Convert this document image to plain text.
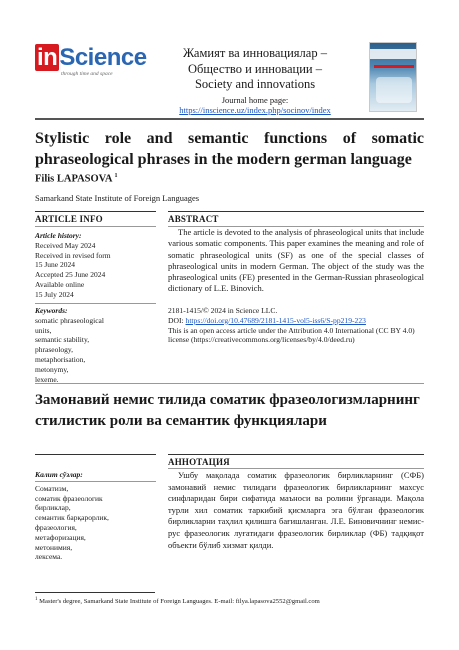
inScience
through time and space
Жамият ва инновациялар –
Общество и инновации –
Society and innovations
Journal home page:
https://inscience.uz/index.php/socinov/index
Stylistic role and semantic functions of somatic phraseological phrases in the modern german language
Filis LAPASOVA $^1$
Samarkand State Institute of Foreign Languages
ARTICLE INFO	ABSTRACT
Article history:
Received May 2024
Received in revised form
15 June 2024
Accepted 25 June 2024
Available online
15 July 2024
Keywords:
somatic phraseological
units,
semantic stability,
phraseology,
metaphorisation,
metonymy,
lexeme.
The article is devoted to the analysis of phraseological units that include various somatic components. This paper examines the meaning and role of somatic phraseological units (SF) as one of the special classes of phraseological units in modern German. The object of the study was the phraseological units (FE) presented in the German-Russian phraseological dictionary of L.E. Binovich.
2181-1415/© 2024 in Science LLC.
DOI: https://doi.org/10.47689/2181-1415-vol5-iss6/S-pp219-223
This is an open access article under the Attribution 4.0 International (CC BY 4.0) license (https://creativecommons.org/licenses/by/4.0/deed.ru)
Замонавий немис тилида соматик фразеологизмларнинг стилистик роли ва семантик функциялари
АННОТАЦИЯ
Калит сўзлар:
Соматизм,
соматик фразеологик
бирликлар,
семантик барқарорлик,
фразеология,
метафоризация,
метонимия,
лексема.
Ушбу мақолада соматик фразеологик бирликларнинг (СФБ) замонавий немис тилидаги фразеологик бирликларнинг махсус синфларидан бири сифатида маъноси ва ролини ўрганади. Мақола турли хил соматик таркибий қисмларга эга бўлган фразеологик бирликларни таҳлил қилишга бағишланган. Л.Е. Биновичнинг немис-рус фразеологик луғатидаги фразеологик бирликлар (ФБ) тадқиқот объекти бўлиб хизмат қилди.
$^1$ Master's degree, Samarkand State Institute of Foreign Languages. E-mail: filya.lapasova2552@gmail.com
